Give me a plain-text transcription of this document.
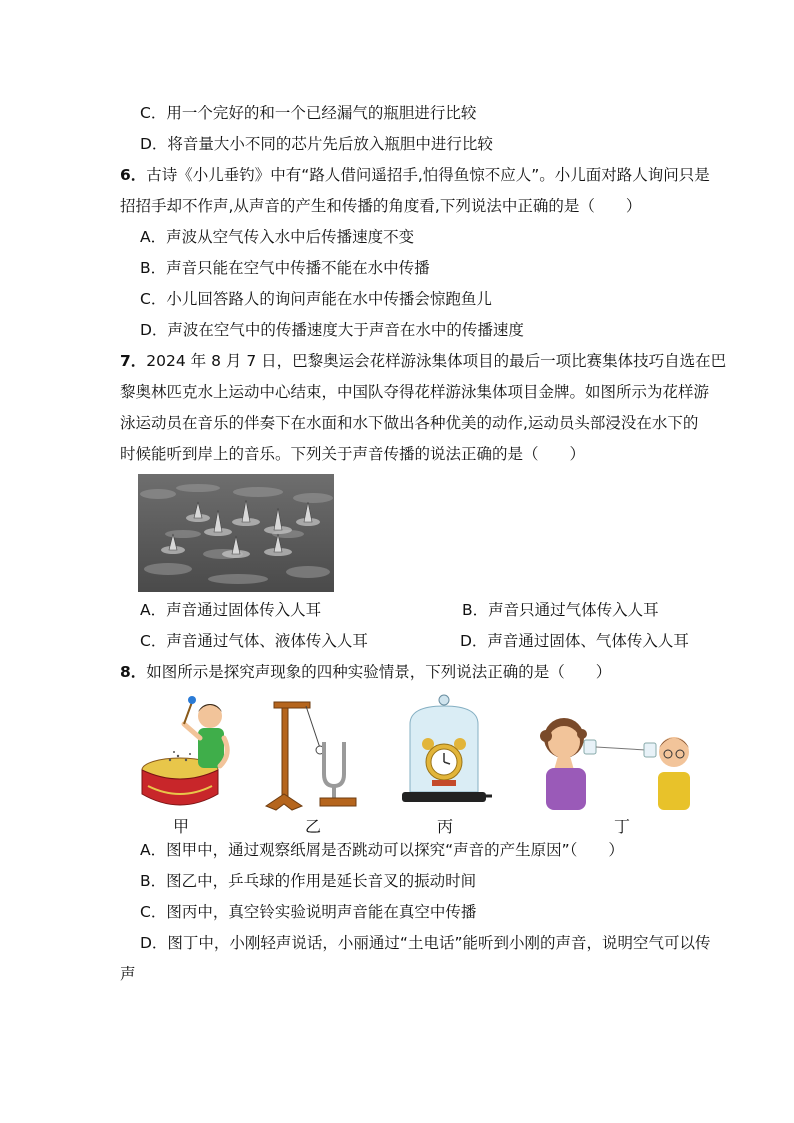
C．用一个完好的和一个已经漏气的瓶胆进行比较
D．将音量大小不同的芯片先后放入瓶胆中进行比较
6．古诗《小儿垂钓》中有“路人借问遥招手,怕得鱼惊不应人”。小儿面对路人询问只是
招招手却不作声,从声音的产生和传播的角度看,下列说法中正确的是（　　）
A．声波从空气传入水中后传播速度不变
B．声音只能在空气中传播不能在水中传播
C．小儿回答路人的询问声能在水中传播会惊跑鱼儿
D．声波在空气中的传播速度大于声音在水中的传播速度
7．2024 年 8 月 7 日，巴黎奥运会花样游泳集体项目的最后一项比赛集体技巧自选在巴
黎奥林匹克水上运动中心结束，中国队夺得花样游泳集体项目金牌。如图所示为花样游
泳运动员在音乐的伴奏下在水面和水下做出各种优美的动作,运动员头部浸没在水下的
时候能听到岸上的音乐。下列关于声音传播的说法正确的是（　　）
A．声音通过固体传入人耳	B．声音只通过气体传入人耳
C．声音通过气体、液体传入人耳	D．声音通过固体、气体传入人耳
8．如图所示是探究声现象的四种实验情景，下列说法正确的是（　　）
甲	乙	丙	丁
A．图甲中，通过观察纸屑是否跳动可以探究“声音的产生原因”（　　）
B．图乙中，乒乓球的作用是延长音叉的振动时间
C．图丙中，真空铃实验说明声音能在真空中传播
D．图丁中，小刚轻声说话，小丽通过“土电话”能听到小刚的声音，说明空气可以传
声
